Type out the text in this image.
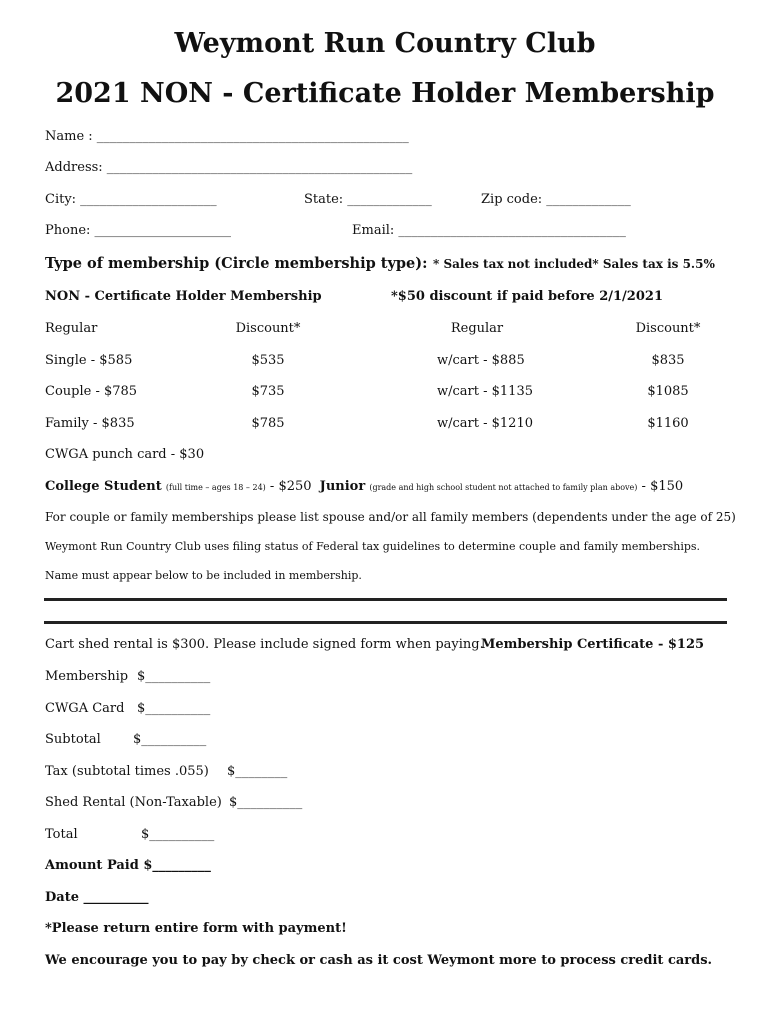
Weymont Run Country Club
2021 NON - Certificate Holder Membership
Name : ________________________________________________
Address: _______________________________________________
City: _____________________	State: _____________	Zip code: _____________
Phone: _____________________	Email: ___________________________________
Type of membership (Circle membership type): * Sales tax not included* Sales tax is 5.5%
NON - Certificate Holder Membership	*$50 discount if paid before 2/1/2021
Regular	Discount*	Regular	Discount*
Single - $585	$535	w/cart - $885	$835
Couple - $785	$735	w/cart - $1135	$1085
Family - $835	$785	w/cart - $1210	$1160
CWGA punch card - $30
College Student (full time – ages 18 – 24) - $250 Junior (grade and high school student not attached to family plan above) - $150
For couple or family memberships please list spouse and/or all family members (dependents under the age of 25)
Weymont Run Country Club uses filing status of Federal tax guidelines to determine couple and family memberships.
Name must appear below to be included in membership.
Cart shed rental is $300. Please include signed form when paying.
Membership Certificate - $125
Membership $__________
CWGA Card $__________
Subtotal $__________
Tax (subtotal times .055) $________
Shed Rental (Non-Taxable) $__________
Total	$__________
Amount Paid $_________
Date __________
*Please return entire form with payment!
We encourage you to pay by check or cash as it cost Weymont more to process credit cards.
